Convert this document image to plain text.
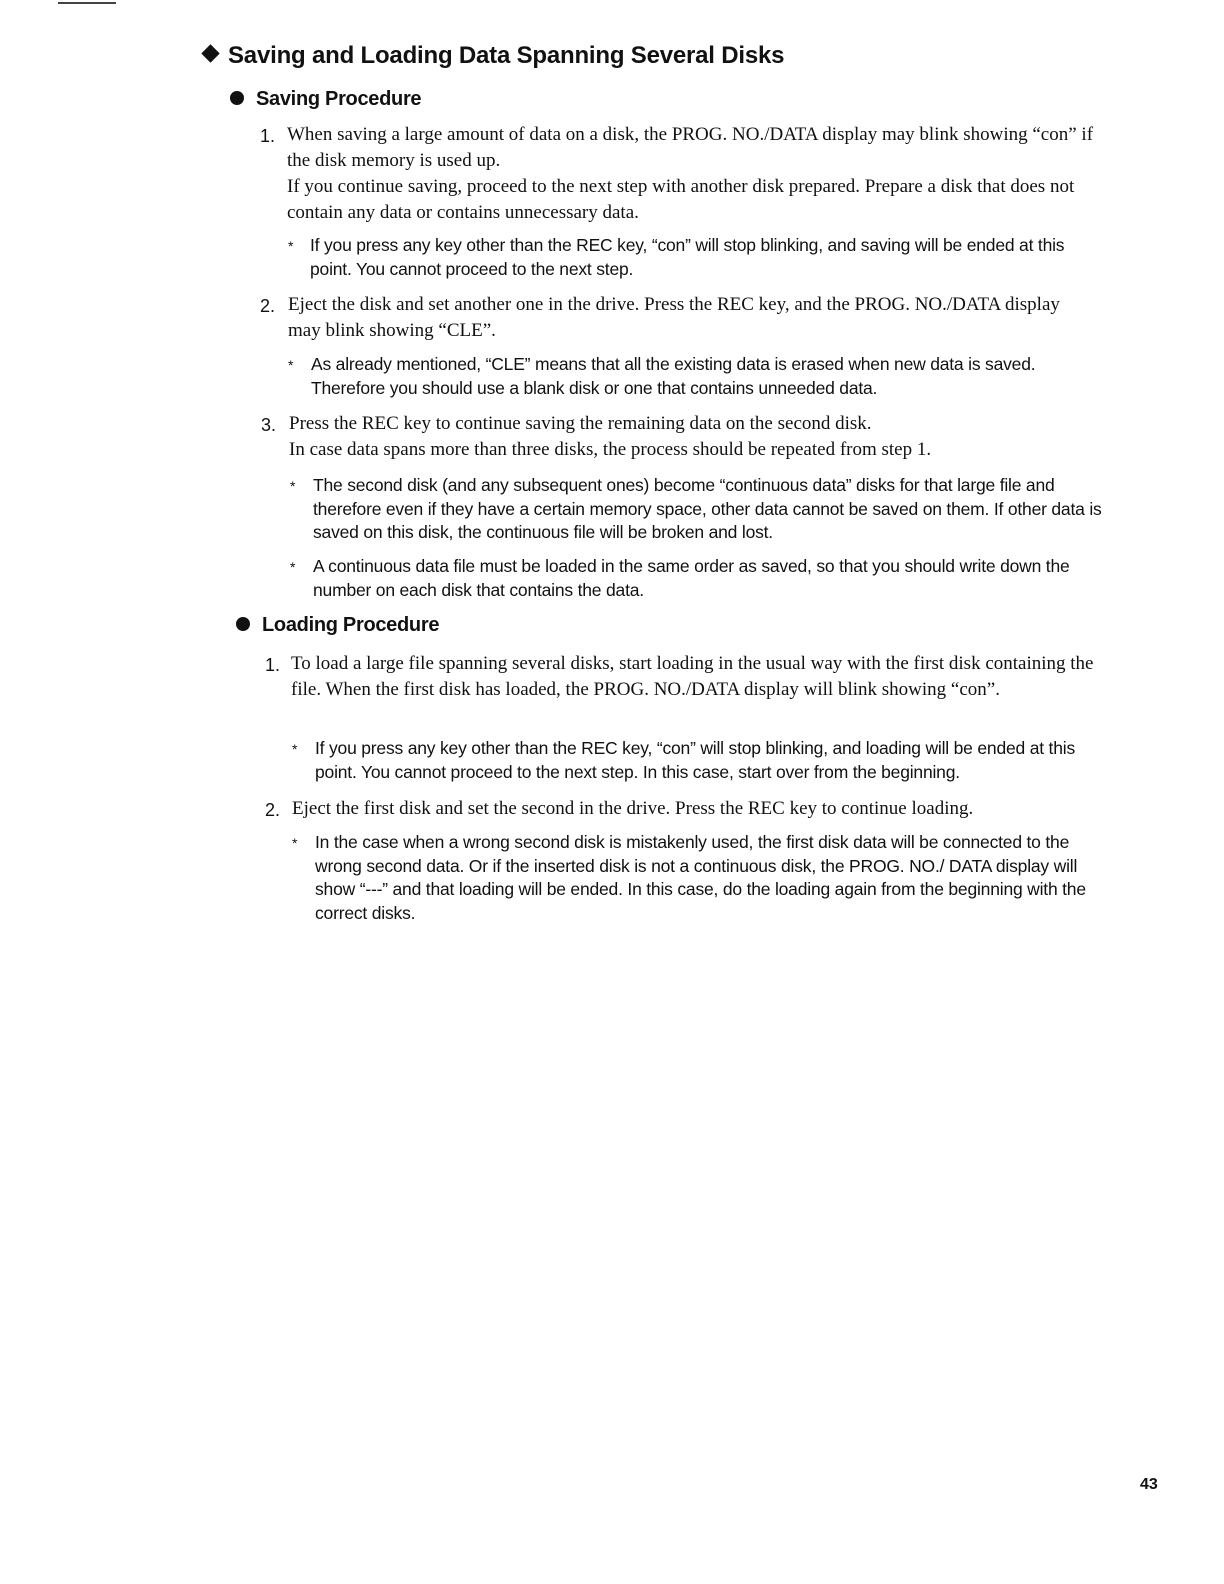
Saving and Loading Data Spanning Several Disks
Saving Procedure
1. When saving a large amount of data on a disk, the PROG. NO./DATA display may blink showing “con” if the disk memory is used up.
If you continue saving, proceed to the next step with another disk prepared. Prepare a disk that does not contain any data or contains unnecessary data.
* If you press any key other than the REC key, “con” will stop blinking, and saving will be ended at this point. You cannot proceed to the next step.
2. Eject the disk and set another one in the drive. Press the REC key, and the PROG. NO./DATA display may blink showing “CLE”.
* As already mentioned, “CLE” means that all the existing data is erased when new data is saved. Therefore you should use a blank disk or one that contains unneeded data.
3. Press the REC key to continue saving the remaining data on the second disk.
In case data spans more than three disks, the process should be repeated from step 1.
* The second disk (and any subsequent ones) become “continuous data” disks for that large file and therefore even if they have a certain memory space, other data cannot be saved on them. If other data is saved on this disk, the continuous file will be broken and lost.
* A continuous data file must be loaded in the same order as saved, so that you should write down the number on each disk that contains the data.
Loading Procedure
1. To load a large file spanning several disks, start loading in the usual way with the first disk containing the file. When the first disk has loaded, the PROG. NO./DATA display will blink showing “con”.
* If you press any key other than the REC key, “con” will stop blinking, and loading will be ended at this point. You cannot proceed to the next step. In this case, start over from the beginning.
2. Eject the first disk and set the second in the drive. Press the REC key to continue loading.
* In the case when a wrong second disk is mistakenly used, the first disk data will be connected to the wrong second data. Or if the inserted disk is not a continuous disk, the PROG. NO./ DATA display will show “---” and that loading will be ended. In this case, do the loading again from the beginning with the correct disks.
43
